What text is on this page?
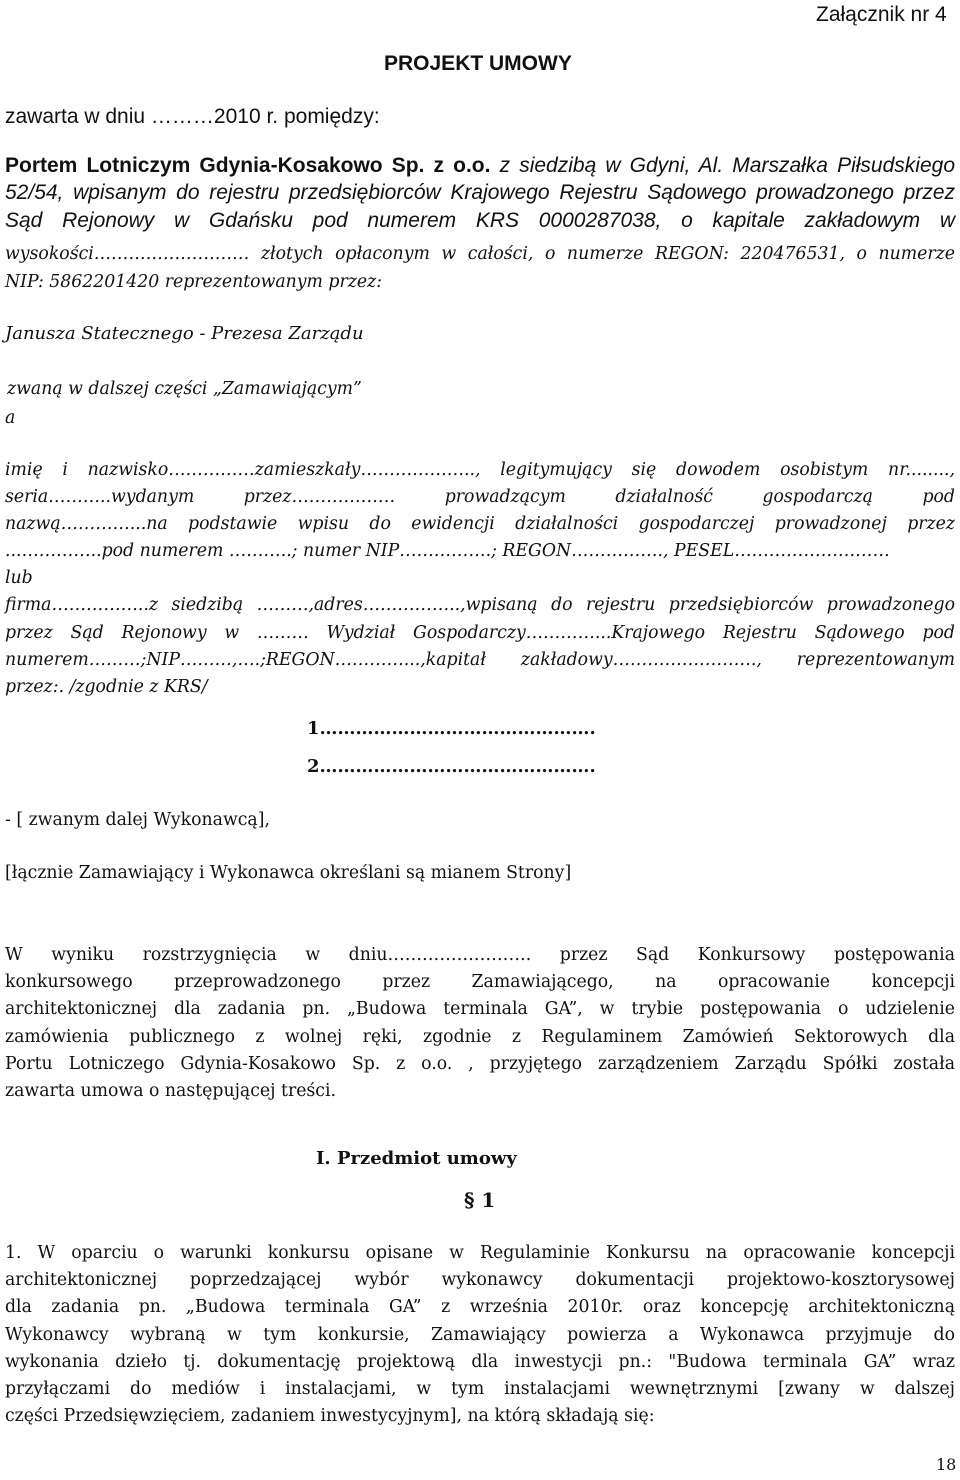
Załącznik nr 4
PROJEKT UMOWY
zawarta w dniu ………2010 r. pomiędzy:
Portem Lotniczym Gdynia-Kosakowo Sp. z o.o. z siedzibą w Gdyni, Al. Marszałka Piłsudskiego
52/54, wpisanym do rejestru przedsiębiorców Krajowego Rejestru Sądowego prowadzonego przez
Sąd Rejonowy w Gdańsku pod numerem KRS 0000287038, o kapitale zakładowym w
wysokości……………………… złotych opłaconym w całości, o numerze REGON: 220476531, o numerze
NIP: 5862201420 reprezentowanym przez:
Janusza Statecznego - Prezesa Zarządu
zwaną w dalszej części „Zamawiającym”
a
imię i nazwisko……………zamieszkały……………….., legitymujący się dowodem osobistym nr........,
seria………..wydanym przez……………… prowadzącym działalność gospodarczą pod
nazwą…………...na podstawie wpisu do ewidencji działalności gospodarczej prowadzonej przez
...…………..pod numerem ………..; numer NIP…………….; REGON……………., PESEL………………………
lub
firma……………..z siedzibą ………,adres……………..,wpisaną do rejestru przedsiębiorców prowadzonego
przez Sąd Rejonowy w ……… Wydział Gospodarczy…………...Krajowego Rejestru Sądowego pod
numerem………;NIP………,….;REGON…………...,kapitał zakładowy……………………., reprezentowanym
przez:. /zgodnie z KRS/
1……………………………………….
2……………………………………….
- [ zwanym dalej Wykonawcą],
[łącznie Zamawiający i Wykonawca określani są mianem Strony]
W wyniku rozstrzygnięcia w dniu……………………. przez Sąd Konkursowy postępowania
konkursowego przeprowadzonego przez Zamawiającego, na opracowanie koncepcji
architektonicznej dla zadania pn. „Budowa terminala GA”, w trybie postępowania o udzielenie
zamówienia publicznego z wolnej ręki, zgodnie z Regulaminem Zamówień Sektorowych dla
Portu Lotniczego Gdynia-Kosakowo Sp. z o.o. , przyjętego zarządzeniem Zarządu Spółki została
zawarta umowa o następującej treści.
I. Przedmiot umowy
§ 1
1. W oparciu o warunki konkursu opisane w Regulaminie Konkursu na opracowanie koncepcji
architektonicznej poprzedzającej wybór wykonawcy dokumentacji projektowo-kosztorysowej
dla zadania pn. „Budowa terminala GA” z września 2010r. oraz koncepcję architektoniczną
Wykonawcy wybraną w tym konkursie, Zamawiający powierza a Wykonawca przyjmuje do
wykonania dzieło tj. dokumentację projektową dla inwestycji pn.: "Budowa terminala GA” wraz
przyłączami do mediów i instalacjami, w tym instalacjami wewnętrznymi [zwany w dalszej
części Przedsięwzięciem, zadaniem inwestycyjnym], na którą składają się:
18
